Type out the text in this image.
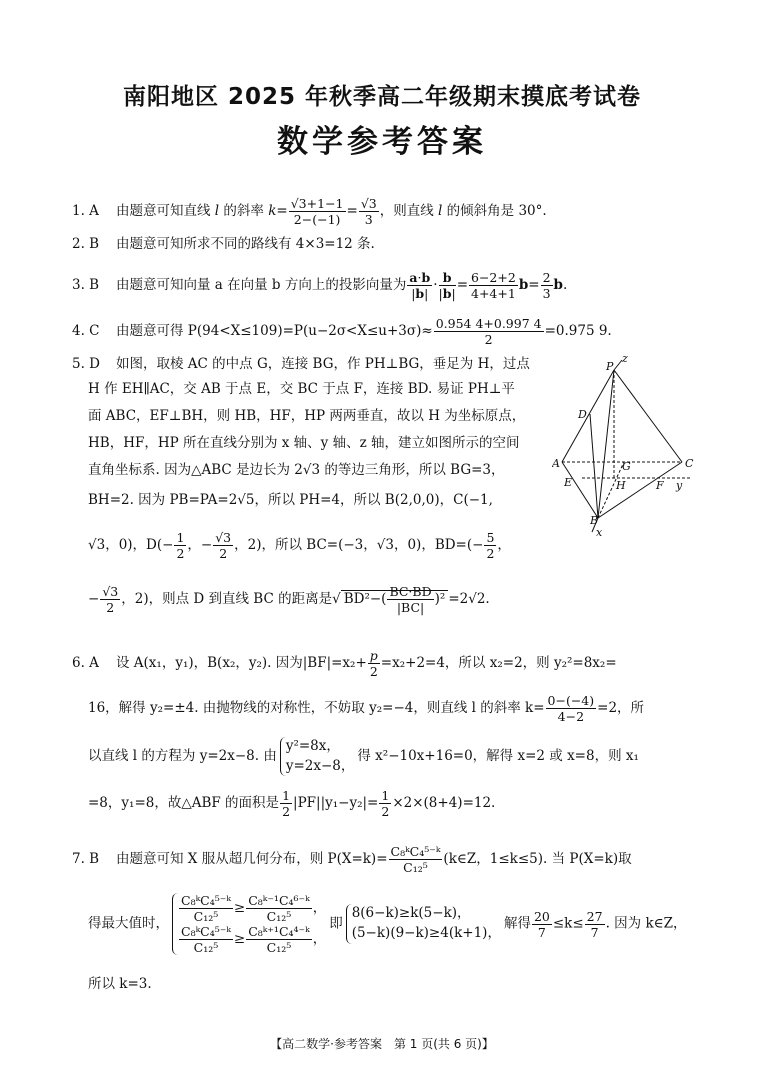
南阳地区 2025 年秋季高二年级期末摸底考试卷
数学参考答案
1. A 由题意可知直线 l 的斜率 $k= \frac{√3+1-1}{2-(-1)} = \frac{√3}{3}$ ，则直线 l 的倾斜角是 30°.
2. B 由题意可知所求不同的路线有 4×3=12 条.
3. B 由题意可知向量 a 在向量 b 方向上的投影向量为 $\frac{a\cdot b}{|b|} \cdot \frac{b}{|b|} = \frac{6-2+2}{4+4+1} b= \frac{2}{3} b$.
4. C 由题意可得 $P(94<X\le 109)=P(u-2\sigma<X\le u+3\sigma)\approx \frac{0.954 4+0.997 4}{2} =0.975$ 9.
5. D 如图，取棱 AC 的中点 G，连接 BG，作 PH⊥BG，垂足为 H，过点
H 作 EH∥AC，交 AB 于点 E，交 BC 于点 F，连接 BD. 易证 PH⊥平
面 ABC，EF⊥BH，则 HB，HF，HP 两两垂直，故以 H 为坐标原点，
HB，HF，HP 所在直线分别为 x 轴、y 轴、z 轴，建立如图所示的空间
直角坐标系. 因为△ABC 是边长为 2√3 的等边三角形，所以 BG=3，
BH=2. 因为 PB=PA=2√5，所以 PH=4，所以 B(2,0,0)，C(−1,
√3，0)，$D(- \frac{1}{2}$ ，− $\frac{√3}{2}$ ，2)，所以 BC=(−3，√3，0)，$BD=(- \frac{5}{2}$ ，
− $\frac{√3}{2}$ ，2)，则点 D 到直线 BC 的距离是√ $BD^2-( \frac{BC\cdot BD}{|BC|} )^2 =2√2$.
P
z
D
A	G	C
E	H	F y
B
x
6. A 设 A(x₁，y₁)，B(x₂，y₂). 因为$|BF|=x_2+ \frac{p}{2} =x_2+2=4$，所以 x₂=2，则 y₂²=8x₂=
16，解得 y₂=±4. 由抛物线的对称性，不妨取 y₂=−4，则直线 l 的斜率 $k= \frac{0-(-4)}{4-2} =2$，所
以直线 l 的方程为 y=2x−8. 由
y²=8x，
y=2x−8，
得 x²−10x+16=0，解得 x=2 或 x=8，则 x₁
=8，y₁=8，故△ABF 的面积是 $\frac{1}{2} |PF||y_1-y_2|= \frac{1}{2} \times 2\times(8+4)=12$.
7. B 由题意可知 X 服从超几何分布，则 $P(X=k)= \frac{\text{C₈ᵏC₄⁵⁻ᵏ}}{\text{C₁₂⁵}}$ (k∈Z，1≤k≤5). 当 P(X=k)取
得最大值时， $\frac{\text{C₈ᵏC₄⁵⁻ᵏ}}{\text{C₁₂⁵}} \ge \frac{\text{C₈ᵏ⁻¹C₄⁶⁻ᵏ}}{\text{C₁₂⁵}}$ ，
$\frac{\text{C₈ᵏC₄⁵⁻ᵏ}}{\text{C₁₂⁵}} \ge \frac{\text{C₈ᵏ⁺¹C₄⁴⁻ᵏ}}{\text{C₁₂⁵}}$ ，
即
8(6−k)≥k(5−k)，
(5−k)(9−k)≥4(k+1)，
解得 $\frac{20}{7} \le k\le \frac{27}{7}$ . 因为 k∈Z，
所以 k=3.
【高二数学·参考答案　第 1 页(共 6 页)】
